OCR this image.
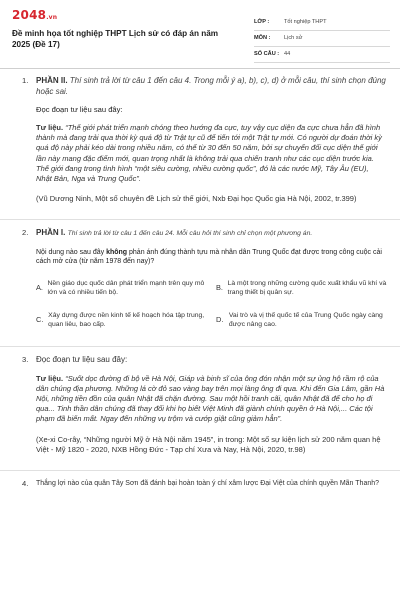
2048.vn
Đề minh họa tốt nghiệp THPT Lịch sử có đáp án năm 2025 (Đề 17)
LỚP :	Tốt nghiệp THPT
MÔN :	Lịch sử
SỐ CÂU : 44
1. PHẦN II. Thí sinh trả lời từ câu 1 đến câu 4. Trong mỗi ý a), b), c), d) ở mỗi câu, thí sinh chọn đúng hoặc sai.
Đọc đoạn tư liệu sau đây:
Tư liệu. “Thế giới phát triển mạnh chóng theo hướng đa cực, tuy vậy cục diện đa cực chưa hẳn đã hình thành mà đang trải qua thời kỳ quá độ từ Trật tự cũ để tiến tới một Trật tự mới. Có người dự đoán thời kỳ quá độ này phải kéo dài trong nhiều năm, có thể từ 30 đến 50 năm, bởi sự chuyển đổi cục diện thế giới lần này mang đặc điểm mới, quan trọng nhất là không trải qua chiến tranh như các cục diện trước kia. Thế giới đang trong tình hình “một siêu cường, nhiều cường quốc”, đó là các nước Mỹ, Tây Âu (EU), Nhật Bản, Nga và Trung Quốc”.
(Vũ Dương Ninh, Một số chuyên đề Lịch sử thế giới, Nxb Đại học Quốc gia Hà Nội, 2002, tr.399)
2. PHẦN I. Thí sinh trả lời từ câu 1 đến câu 24. Mỗi câu hỏi thí sinh chỉ chọn một phương án.
Nội dung nào sau đây không phản ánh đúng thành tựu mà nhân dân Trung Quốc đạt được trong công cuộc cải cách mở cửa (từ năm 1978 đến nay)?
A. Nền giáo dục quốc dân phát triển mạnh trên quy mô lớn và có nhiều tiến bộ.
B. Là một trong những cường quốc xuất khẩu vũ khí và trang thiết bị quân sự.
C. Xây dựng được nền kinh tế kế hoạch hóa tập trung, quan liêu, bao cấp.
D. Vai trò và vị thế quốc tế của Trung Quốc ngày càng được nâng cao.
3. Đọc đoạn tư liệu sau đây:
Tư liệu. “Suốt dọc đường đi bộ về Hà Nội, Giáp và binh sĩ của ông đón nhận một sự ủng hộ rầm rộ của dân chúng địa phương. Những lá cờ đỏ sao vàng bay trên mọi làng ông đi qua. Khi đến Gia Lâm, gần Hà Nội, những tiền đồn của quân Nhật đã chặn đường. Sau một hồi tranh cãi, quân Nhật đã để cho họ đi qua... Tinh thần dân chúng đã thay đổi khi họ biết Việt Minh đã giành chính quyền ở Hà Nội,... Các tội phạm đã biến mất. Ngay đến những vụ trộm và cướp giật cũng giảm hẳn”.
(Xe-xi Co-rây, “Những người Mỹ ở Hà Nội năm 1945”, in trong: Một số sự kiện lịch sử 200 năm quan hệ Việt - Mỹ 1820 - 2020, NXB Hồng Đức - Tạp chí Xưa và Nay, Hà Nội, 2020, tr.98)
4. Thắng lợi nào của quân Tây Sơn đã đánh bại hoàn toàn ý chí xâm lược Đại Việt của chính quyền Mãn Thanh?
